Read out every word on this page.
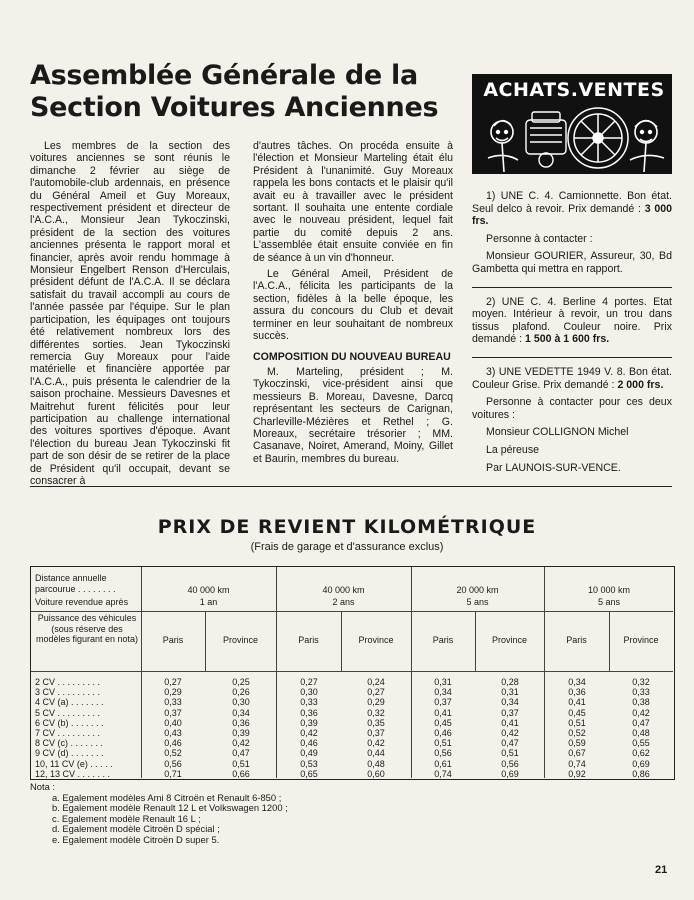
Assemblée Générale de la
Section Voitures Anciennes

Les membres de la section des voitures anciennes se sont réunis le dimanche 2 février au siège de l'automobile-club ardennais, en présence du Général Ameil et Guy Moreaux, respectivement président et directeur de l'A.C.A., Monsieur Jean Tykoczinski, président de la section des voitures anciennes présenta le rapport moral et financier, après avoir rendu hommage à Monsieur Engelbert Renson d'Herculais, président défunt de l'A.C.A. Il se déclara satisfait du travail accompli au cours de l'année passée par l'équipe. Sur le plan participation, les équipages ont toujours été relativement nombreux lors des différentes sorties. Jean Tykoczinski remercia Guy Moreaux pour l'aide matérielle et financière apportée par l'A.C.A., puis présenta le calendrier de la saison prochaine. Messieurs Davesnes et Maitrehut furent félicités pour leur participation au challenge international des voitures sportives d'époque. Avant l'élection du bureau Jean Tykoczinski fit part de son désir de se retirer de la place de Président qu'il occupait, devant se consacrer à

d'autres tâches. On procéda ensuite à l'élection et Monsieur Marteling était élu Président à l'unanimité. Guy Moreaux rappela les bons contacts et le plaisir qu'il avait eu à travailler avec le président sortant. Il souhaita une entente cordiale avec le nouveau président, lequel fait partie du comité depuis 2 ans. L'assemblée était ensuite conviée en fin de séance à un vin d'honneur.

Le Général Ameil, Président de l'A.C.A., félicita les participants de la section, fidèles à la belle époque, les assura du concours du Club et devait terminer en leur souhaitant de nombreux succès.

COMPOSITION DU NOUVEAU BUREAU

M. Marteling, président ; M. Tykoczinski, vice-président ainsi que messieurs B. Moreau, Davesne, Darcq représentant les secteurs de Carignan, Charleville-Mézières et Rethel ; G. Moreaux, secrétaire trésorier ; MM. Casanave, Noiret, Amerand, Moiny, Gillet et Baurin, membres du bureau.

ACHATS.VENTES

1) UNE C. 4. Camionnette. Bon état. Seul delco à revoir. Prix demandé : 3 000 frs.

Personne à contacter :

Monsieur GOURIER, Assureur, 30, Bd Gambetta qui mettra en rapport.

2) UNE C. 4. Berline 4 portes. Etat moyen. Intérieur à revoir, un trou dans tissus plafond. Couleur noire. Prix demandé : 1 500 à 1 600 frs.

3) UNE VEDETTE 1949 V. 8. Bon état. Couleur Grise. Prix demandé : 2 000 frs.

Personne à contacter pour ces deux voitures :

Monsieur COLLIGNON Michel

La péreuse

Par LAUNOIS-SUR-VENCE.

PRIX DE REVIENT KILOMÉTRIQUE
(Frais de garage et d'assurance exclus)
Distance annuelle parcourue . . . . . . . .
Voiture revendue après
Puissance des véhicules (sous réserve des modèles figurant en nota)
40 000 km
1 an
40 000 km
2 ans
20 000 km
5 ans
10 000 km
5 ans
Paris	Province	Paris	Province	Paris	Province	Paris	Province
2 CV . . . . . . . . .	0,27	0,25	0,27	0,24	0,31	0,28	0,34	0,32
3 CV . . . . . . . . .	0,29	0,26	0,30	0,27	0,34	0,31	0,36	0,33
4 CV (a) . . . . . . .	0,33	0,30	0,33	0,29	0,37	0,34	0,41	0,38
5 CV . . . . . . . . .	0,37	0,34	0,36	0,32	0,41	0,37	0,45	0,42
6 CV (b) . . . . . . .	0,40	0,36	0,39	0,35	0,45	0,41	0,51	0,47
7 CV . . . . . . . . .	0,43	0,39	0,42	0,37	0,46	0,42	0,52	0,48
8 CV (c) . . . . . . .	0,46	0,42	0,46	0,42	0,51	0,47	0,59	0,55
9 CV (d) . . . . . . .	0,52	0,47	0,49	0,44	0,56	0,51	0,67	0,62
10, 11 CV (e) . . . . .	0,56	0,51	0,53	0,48	0,61	0,56	0,74	0,69
12, 13 CV . . . . . . .	0,71	0,66	0,65	0,60	0,74	0,69	0,92	0,86
Nota :
a. Egalement modèles Ami 8 Citroën et Renault 6-850 ;
b. Egalement modèle Renault 12 L et Volkswagen 1200 ;
c. Egalement modèle Renault 16 L ;
d. Egalement modèle Citroën D spécial ;
e. Egalement modèle Citroën D super 5.
21
